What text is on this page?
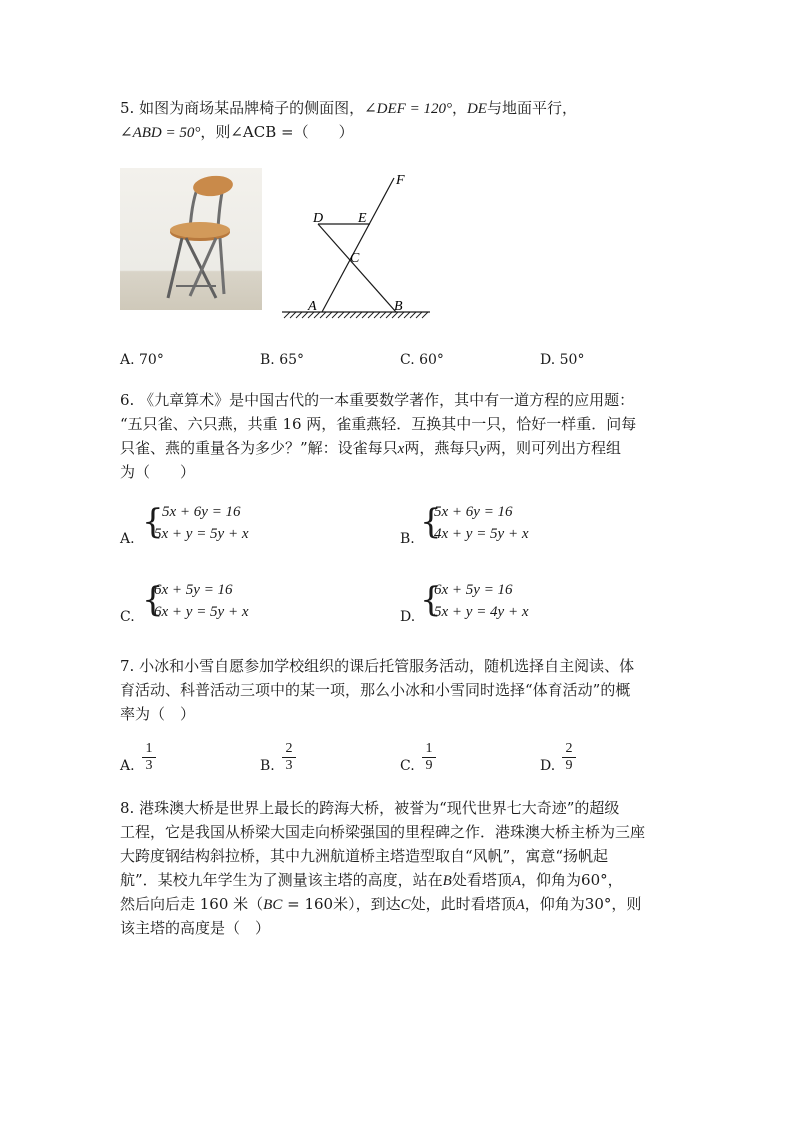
5. 如图为商场某品牌椅子的侧面图，∠DEF = 120°，DE与地面平行，
∠ABD = 50°，则∠ACB =（　　）
F
D E
C
A	B
A. 70°	B. 65°	C. 60°	D. 50°
6. 《九章算术》是中国古代的一本重要数学著作，其中有一道方程的应用题：
“五只雀、六只燕，共重 16 两，雀重燕轻．互换其中一只，恰好一样重．问每
只雀、燕的重量各为多少？”解：设雀每只x两，燕每只y两，则可列出方程组
为（　　）
A. {
5x + 6y = 16
5x + y = 5y + x	B. {
5x + 6y = 16
4x + y = 5y + x
C. {
6x + 5y = 16
6x + y = 5y + x	D. {
6x + 5y = 16
5x + y = 4y + x
7. 小冰和小雪自愿参加学校组织的课后托管服务活动，随机选择自主阅读、体
育活动、科普活动三项中的某一项，那么小冰和小雪同时选择“体育活动”的概
率为（　）
A.
1
3	B.
2
3	C.
1
9	D.
2
9
8. 港珠澳大桥是世界上最长的跨海大桥，被誉为“现代世界七大奇迹”的超级
工程，它是我国从桥梁大国走向桥梁强国的里程碑之作．港珠澳大桥主桥为三座
大跨度钢结构斜拉桥，其中九洲航道桥主塔造型取自“风帆”，寓意“扬帆起
航”．某校九年学生为了测量该主塔的高度，站在B处看塔顶A，仰角为60°，
然后向后走 160 米（BC = 160米），到达C处，此时看塔顶A，仰角为30°，则
该主塔的高度是（　）
